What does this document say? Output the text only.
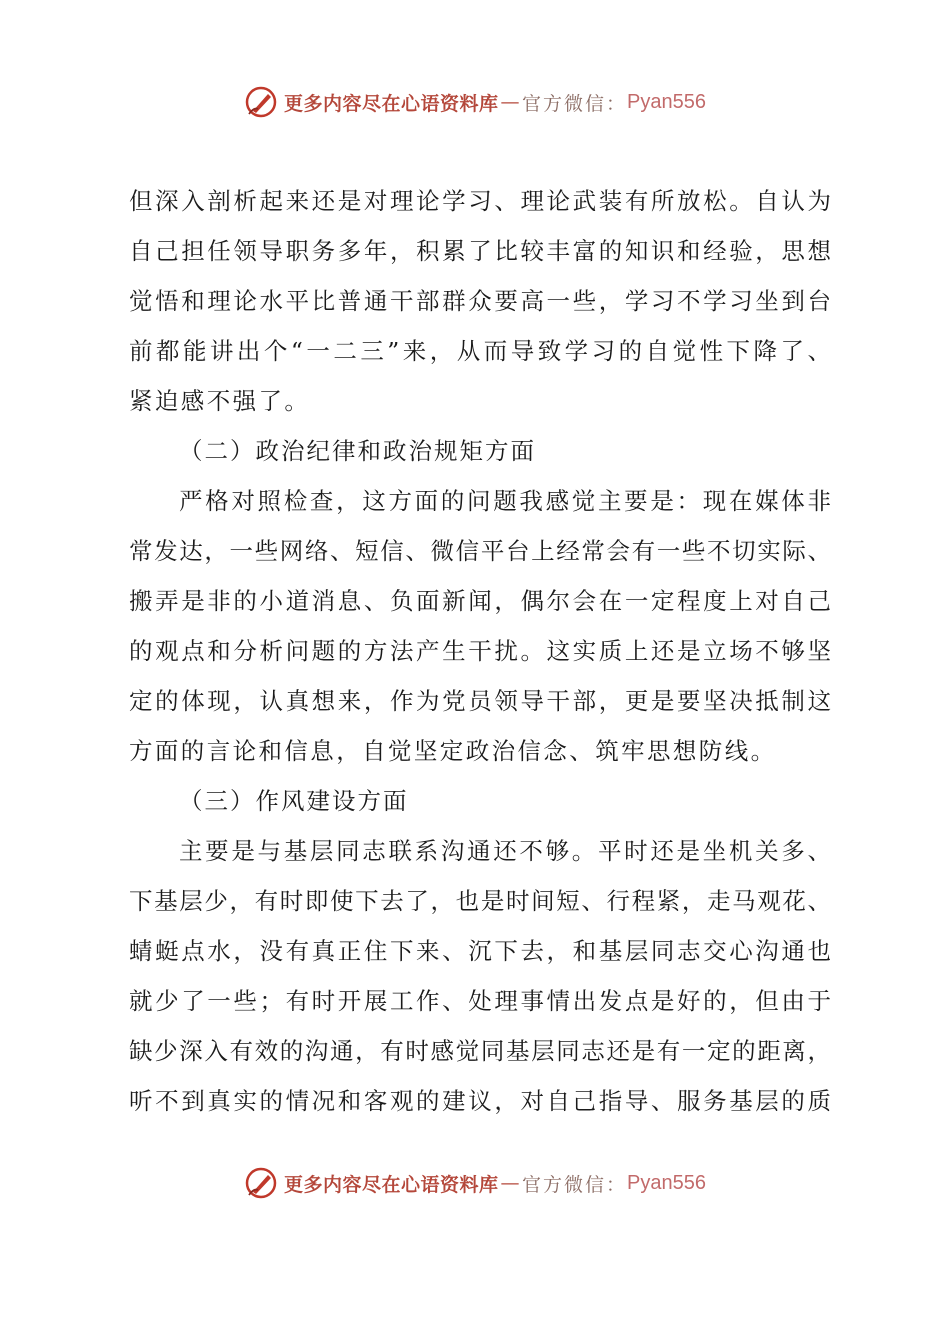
更多内容尽在心语资料库 — 官方微信： Pyan556
但深入剖析起来还是对理论学习、理论武装有所放松。自认为
自己担任领导职务多年，积累了比较丰富的知识和经验，思想
觉悟和理论水平比普通干部群众要高一些，学习不学习坐到台
前都能讲出个“一二三”来，从而导致学习的自觉性下降了、
紧迫感不强了。
（二）政治纪律和政治规矩方面
严格对照检查，这方面的问题我感觉主要是：现在媒体非
常发达，一些网络、短信、微信平台上经常会有一些不切实际、
搬弄是非的小道消息、负面新闻，偶尔会在一定程度上对自己
的观点和分析问题的方法产生干扰。这实质上还是立场不够坚
定的体现，认真想来，作为党员领导干部，更是要坚决抵制这
方面的言论和信息，自觉坚定政治信念、筑牢思想防线。
（三）作风建设方面
主要是与基层同志联系沟通还不够。平时还是坐机关多、
下基层少，有时即使下去了，也是时间短、行程紧，走马观花、
蜻蜓点水，没有真正住下来、沉下去，和基层同志交心沟通也
就少了一些；有时开展工作、处理事情出发点是好的，但由于
缺少深入有效的沟通，有时感觉同基层同志还是有一定的距离，
听不到真实的情况和客观的建议，对自己指导、服务基层的质
更多内容尽在心语资料库 — 官方微信： Pyan556
